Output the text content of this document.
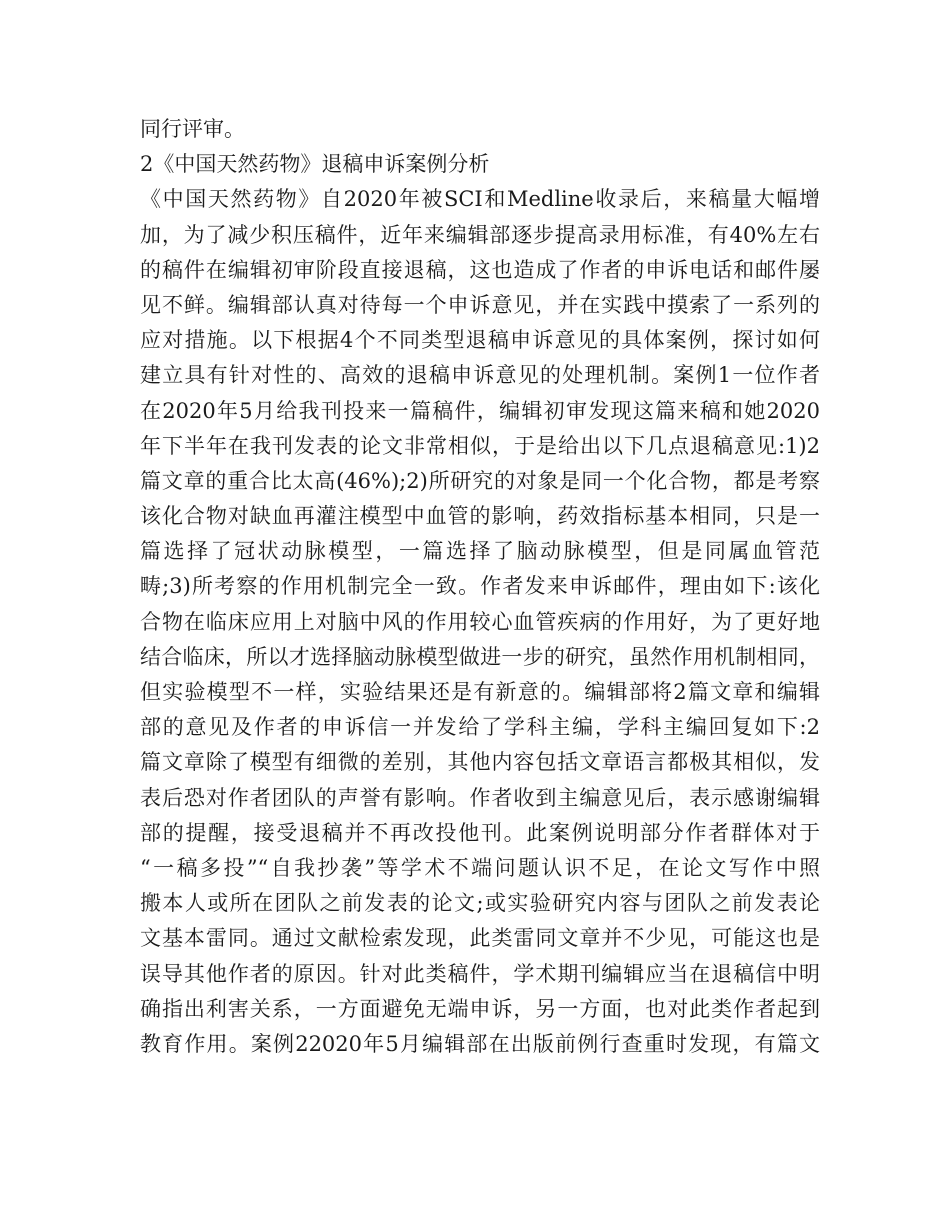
同行评审。
2《中国天然药物》退稿申诉案例分析
《中国天然药物》自2020年被SCI和Medline收录后，来稿量大幅增
加，为了减少积压稿件，近年来编辑部逐步提高录用标准，有40%左右
的稿件在编辑初审阶段直接退稿，这也造成了作者的申诉电话和邮件屡
见不鲜。编辑部认真对待每一个申诉意见，并在实践中摸索了一系列的
应对措施。以下根据4个不同类型退稿申诉意见的具体案例，探讨如何
建立具有针对性的、高效的退稿申诉意见的处理机制。案例1一位作者
在2020年5月给我刊投来一篇稿件，编辑初审发现这篇来稿和她2020
年下半年在我刊发表的论文非常相似，于是给出以下几点退稿意见:1)2
篇文章的重合比太高(46%);2)所研究的对象是同一个化合物，都是考察
该化合物对缺血再灌注模型中血管的影响，药效指标基本相同，只是一
篇选择了冠状动脉模型，一篇选择了脑动脉模型，但是同属血管范
畴;3)所考察的作用机制完全一致。作者发来申诉邮件，理由如下:该化
合物在临床应用上对脑中风的作用较心血管疾病的作用好，为了更好地
结合临床，所以才选择脑动脉模型做进一步的研究，虽然作用机制相同，
但实验模型不一样，实验结果还是有新意的。编辑部将2篇文章和编辑
部的意见及作者的申诉信一并发给了学科主编，学科主编回复如下:2
篇文章除了模型有细微的差别，其他内容包括文章语言都极其相似，发
表后恐对作者团队的声誉有影响。作者收到主编意见后，表示感谢编辑
部的提醒，接受退稿并不再改投他刊。此案例说明部分作者群体对于
“一稿多投”“自我抄袭”等学术不端问题认识不足，在论文写作中照
搬本人或所在团队之前发表的论文;或实验研究内容与团队之前发表论
文基本雷同。通过文献检索发现，此类雷同文章并不少见，可能这也是
误导其他作者的原因。针对此类稿件，学术期刊编辑应当在退稿信中明
确指出利害关系，一方面避免无端申诉，另一方面，也对此类作者起到
教育作用。案例22020年5月编辑部在出版前例行查重时发现，有篇文
